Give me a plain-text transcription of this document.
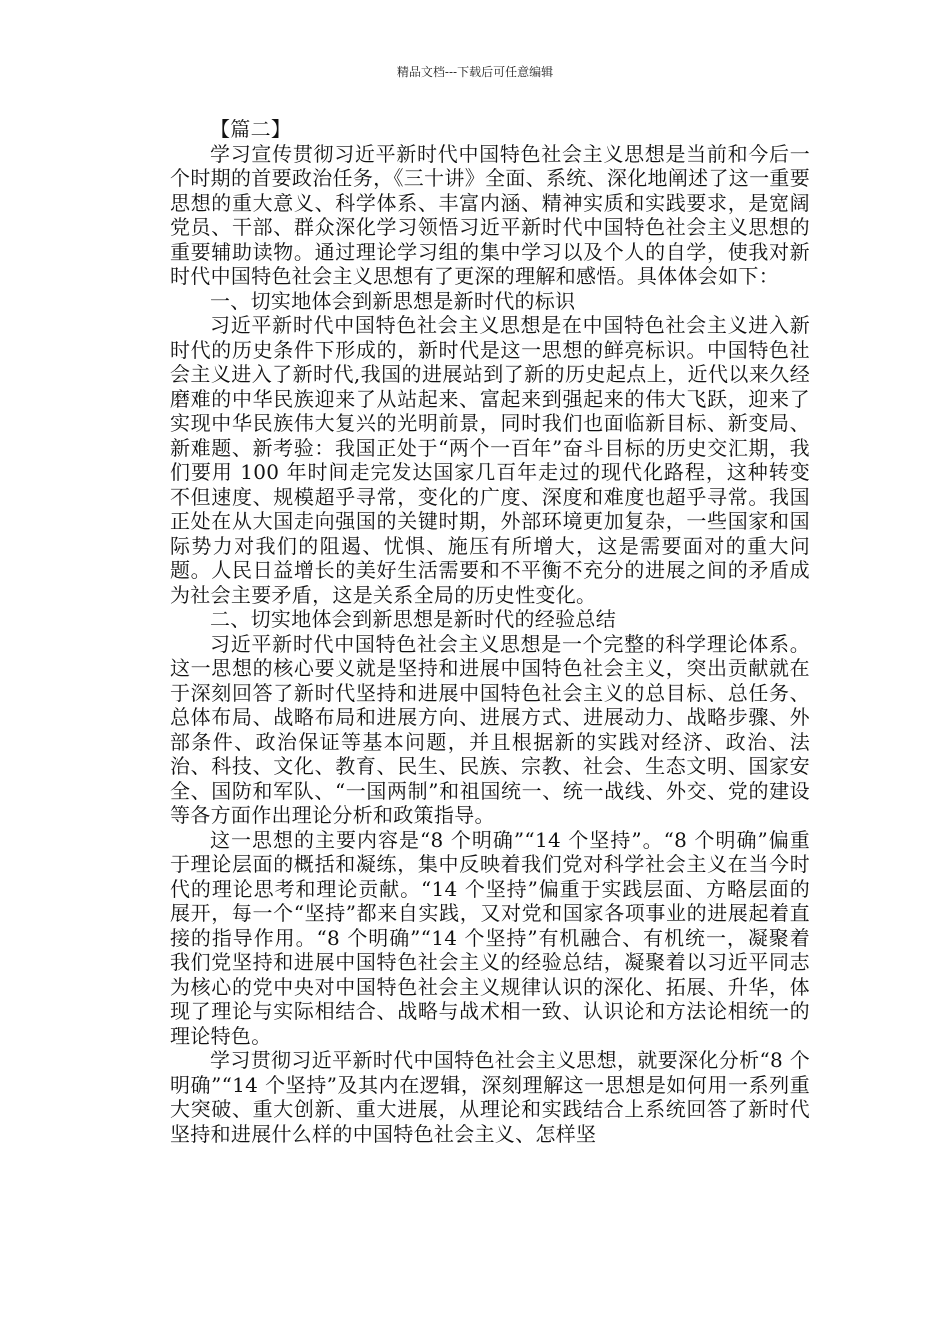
精品文档---下载后可任意编辑

【篇二】

学习宣传贯彻习近平新时代中国特色社会主义思想是当前和今后一个时期的首要政治任务，《三十讲》全面、系统、深化地阐述了这一重要思想的重大意义、科学体系、丰富内涵、精神实质和实践要求，是宽阔党员、干部、群众深化学习领悟习近平新时代中国特色社会主义思想的重要辅助读物。通过理论学习组的集中学习以及个人的自学，使我对新时代中国特色社会主义思想有了更深的理解和感悟。具体体会如下：

一、切实地体会到新思想是新时代的标识

习近平新时代中国特色社会主义思想是在中国特色社会主义进入新时代的历史条件下形成的，新时代是这一思想的鲜亮标识。中国特色社会主义进入了新时代,我国的进展站到了新的历史起点上，近代以来久经磨难的中华民族迎来了从站起来、富起来到强起来的伟大飞跃，迎来了实现中华民族伟大复兴的光明前景，同时我们也面临新目标、新变局、新难题、新考验：我国正处于“两个一百年”奋斗目标的历史交汇期，我们要用 100 年时间走完发达国家几百年走过的现代化路程，这种转变不但速度、规模超乎寻常，变化的广度、深度和难度也超乎寻常。我国正处在从大国走向强国的关键时期，外部环境更加复杂，一些国家和国际势力对我们的阻遏、忧惧、施压有所增大，这是需要面对的重大问题。人民日益增长的美好生活需要和不平衡不充分的进展之间的矛盾成为社会主要矛盾，这是关系全局的历史性变化。

二、切实地体会到新思想是新时代的经验总结

习近平新时代中国特色社会主义思想是一个完整的科学理论体系。这一思想的核心要义就是坚持和进展中国特色社会主义，突出贡献就在于深刻回答了新时代坚持和进展中国特色社会主义的总目标、总任务、总体布局、战略布局和进展方向、进展方式、进展动力、战略步骤、外部条件、政治保证等基本问题，并且根据新的实践对经济、政治、法治、科技、文化、教育、民生、民族、宗教、社会、生态文明、国家安全、国防和军队、“一国两制”和祖国统一、统一战线、外交、党的建设等各方面作出理论分析和政策指导。

这一思想的主要内容是“8 个明确”“14 个坚持”。“8 个明确”偏重于理论层面的概括和凝练，集中反映着我们党对科学社会主义在当今时代的理论思考和理论贡献。“14 个坚持”偏重于实践层面、方略层面的展开，每一个“坚持”都来自实践，又对党和国家各项事业的进展起着直接的指导作用。“8 个明确”“14 个坚持”有机融合、有机统一，凝聚着我们党坚持和进展中国特色社会主义的经验总结，凝聚着以习近平同志为核心的党中央对中国特色社会主义规律认识的深化、拓展、升华，体现了理论与实际相结合、战略与战术相一致、认识论和方法论相统一的理论特色。

学习贯彻习近平新时代中国特色社会主义思想，就要深化分析“8 个明确”“14 个坚持”及其内在逻辑，深刻理解这一思想是如何用一系列重大突破、重大创新、重大进展，从理论和实践结合上系统回答了新时代坚持和进展什么样的中国特色社会主义、怎样坚
